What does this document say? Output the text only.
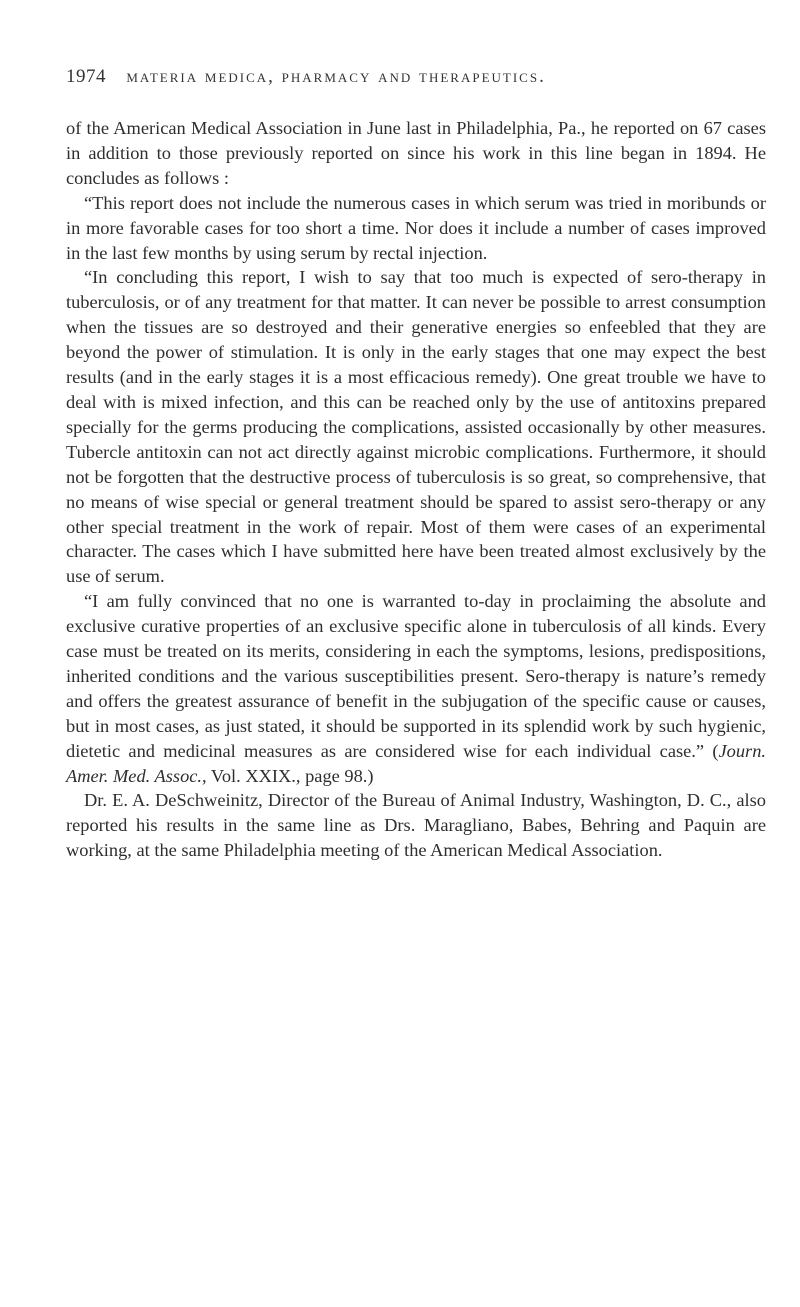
1974 materia medica, pharmacy and therapeutics.

of the American Medical Association in June last in Philadelphia, Pa., he reported on 67 cases in addition to those previously reported on since his work in this line began in 1894. He concludes as follows :

“This report does not include the numerous cases in which serum was tried in moribunds or in more favorable cases for too short a time. Nor does it include a number of cases improved in the last few months by using serum by rectal injection.

“In concluding this report, I wish to say that too much is expected of sero-therapy in tuberculosis, or of any treatment for that matter. It can never be possible to arrest consumption when the tissues are so destroyed and their generative energies so enfeebled that they are beyond the power of stimulation. It is only in the early stages that one may expect the best results (and in the early stages it is a most efficacious remedy). One great trouble we have to deal with is mixed infection, and this can be reached only by the use of antitoxins prepared specially for the germs producing the complications, assisted occasionally by other measures. Tubercle antitoxin can not act directly against microbic complications. Furthermore, it should not be forgotten that the destructive process of tuberculosis is so great, so comprehensive, that no means of wise special or general treatment should be spared to assist sero-therapy or any other special treatment in the work of repair. Most of them were cases of an experimental character. The cases which I have submitted here have been treated almost exclusively by the use of serum.

“I am fully convinced that no one is warranted to-day in proclaiming the absolute and exclusive curative properties of an exclusive specific alone in tuberculosis of all kinds. Every case must be treated on its merits, considering in each the symptoms, lesions, predispositions, inherited conditions and the various susceptibilities present. Sero-therapy is nature’s remedy and offers the greatest assurance of benefit in the subjugation of the specific cause or causes, but in most cases, as just stated, it should be supported in its splendid work by such hygienic, dietetic and medicinal measures as are considered wise for each individual case.” (Journ. Amer. Med. Assoc., Vol. XXIX., page 98.)

Dr. E. A. DeSchweinitz, Director of the Bureau of Animal Industry, Washington, D. C., also reported his results in the same line as Drs. Maragliano, Babes, Behring and Paquin are working, at the same Philadelphia meeting of the American Medical Association.
